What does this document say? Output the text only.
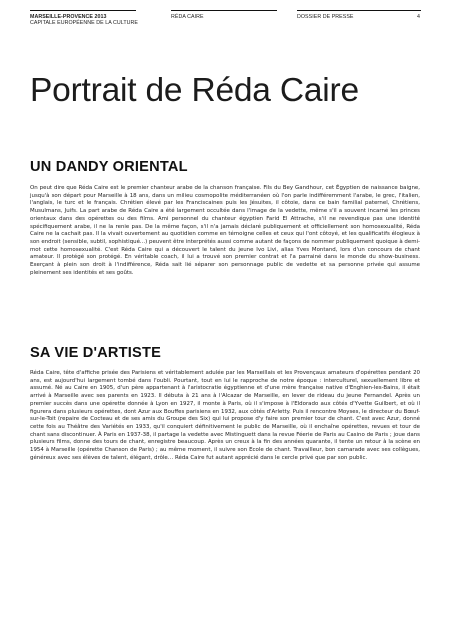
MARSEILLE-PROVENCE 2013
CAPITALE EUROPÉENNE DE LA CULTURE
RÉDA CAIRE	DOSSIER DE PRESSE	4
Portrait de Réda Caire
UN DANDY ORIENTAL

On peut dire que Réda Caire est le premier chanteur arabe de la chanson française. Fils du Bey Gandhour, cet Égyptien de naissance baigne, jusqu'à son départ pour Marseille à 18 ans, dans un milieu cosmopolite méditerranéen où l'on parle indifféremment l'arabe, le grec, l'italien, l'anglais, le turc et le français. Chrétien élevé par les Franciscaines puis les Jésuites, il côtoie, dans ce bain familial paternel, Chrétiens, Musulmans, Juifs. La part arabe de Réda Caire a été largement occultée dans l'image de la vedette, même s'il a souvent incarné les princes orientaux dans des opérettes ou des films. Ami personnel du chanteur égyptien Farid El Attrache, s'il ne revendique pas une identité spécifiquement arabe, il ne la renie pas. De la même façon, s'il n'a jamais déclaré publiquement et officiellement son homosexualité, Réda Caire ne la cachait pas. Il la vivait ouvertement au quotidien comme en témoigne celles et ceux qui l'ont côtoyé, et les qualificatifs élogieux à son endroit (sensible, subtil, sophistiqué...) peuvent être interprétés aussi comme autant de façons de nommer publiquement quoique à demi-mot cette homosexualité. C'est Réda Caire qui a découvert le talent du jeune Ivo Livi, alias Yves Montand, lors d'un concours de chant amateur. Il protégé son protégé. En véritable coach, il lui a trouvé son premier contrat et l'a parrainé dans le monde du show-business. Exerçant à plein son droit à l'indifférence, Réda sait lié séparer son personnage public de vedette et sa personne privée qui assume pleinement ses identités et ses goûts.

SA VIE D'ARTISTE

Réda Caire, tête d'affiche prisée des Parisiens et véritablement adulée par les Marseillais et les Provençaux amateurs d'opérettes pendant 20 ans, est aujourd'hui largement tombé dans l'oubli. Pourtant, tout en lui le rapproche de notre époque : interculturel, sexuellement libre et assumé. Né au Caire en 1905, d'un père appartenant à l'aristocratie égyptienne et d'une mère française native d'Enghien-les-Bains, il était arrivé à Marseille avec ses parents en 1923. Il débuta à 21 ans à l'Alcazar de Marseille, en lever de rideau du jeune Fernandel. Après un premier succès dans une opérette donnée à Lyon en 1927, il monte à Paris, où il s'impose à l'Eldorado aux côtés d'Yvette Guilbert, et où il figurera dans plusieurs opérettes, dont Azur aux Bouffes parisiens en 1932, aux côtés d'Arletty. Puis il rencontre Moyses, le directeur du Bœuf-sur-le-Toit (repaire de Cocteau et de ses amis du Groupe des Six) qui lui propose d'y faire son premier tour de chant. C'est avec Azur, donné cette fois au Théâtre des Variétés en 1933, qu'il conquiert définitivement le public de Marseille, où il enchaîne opérettes, revues et tour de chant sans discontinuer. À Paris en 1937-38, il partage la vedette avec Mistinguett dans la revue Féerie de Paris au Casino de Paris ; joue dans plusieurs films, donne des tours de chant, enregistre beaucoup. Après un creux à la fin des années quarante, il tente un retour à la scène en 1954 à Marseille (opérette Chanson de Paris) ; au même moment, il suivre son Ecole de chant. Travailleur, bon camarade avec ses collègues, généreux avec ses élèves de talent, élégant, drôle… Réda Caire fut autant apprécié dans le cercle privé que par son public.
